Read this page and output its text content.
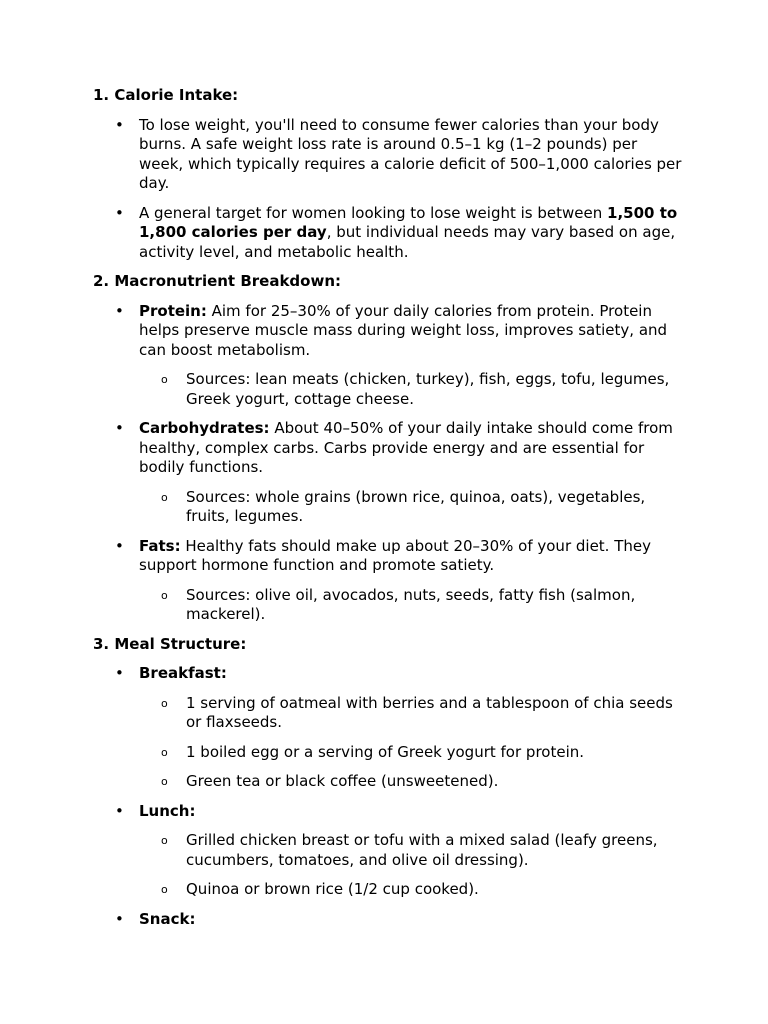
1. Calorie Intake:
• To lose weight, you'll need to consume fewer calories than your body burns. A safe weight loss rate is around 0.5–1 kg (1–2 pounds) per week, which typically requires a calorie deficit of 500–1,000 calories per day.
• A general target for women looking to lose weight is between 1,500 to 1,800 calories per day, but individual needs may vary based on age, activity level, and metabolic health.
2. Macronutrient Breakdown:
• Protein: Aim for 25–30% of your daily calories from protein. Protein helps preserve muscle mass during weight loss, improves satiety, and can boost metabolism.
o Sources: lean meats (chicken, turkey), fish, eggs, tofu, legumes, Greek yogurt, cottage cheese.
• Carbohydrates: About 40–50% of your daily intake should come from healthy, complex carbs. Carbs provide energy and are essential for bodily functions.
o Sources: whole grains (brown rice, quinoa, oats), vegetables, fruits, legumes.
• Fats: Healthy fats should make up about 20–30% of your diet. They support hormone function and promote satiety.
o Sources: olive oil, avocados, nuts, seeds, fatty fish (salmon, mackerel).
3. Meal Structure:
• Breakfast:
o 1 serving of oatmeal with berries and a tablespoon of chia seeds or flaxseeds.
o 1 boiled egg or a serving of Greek yogurt for protein.
o Green tea or black coffee (unsweetened).
• Lunch:
o Grilled chicken breast or tofu with a mixed salad (leafy greens, cucumbers, tomatoes, and olive oil dressing).
o Quinoa or brown rice (1/2 cup cooked).
• Snack:
